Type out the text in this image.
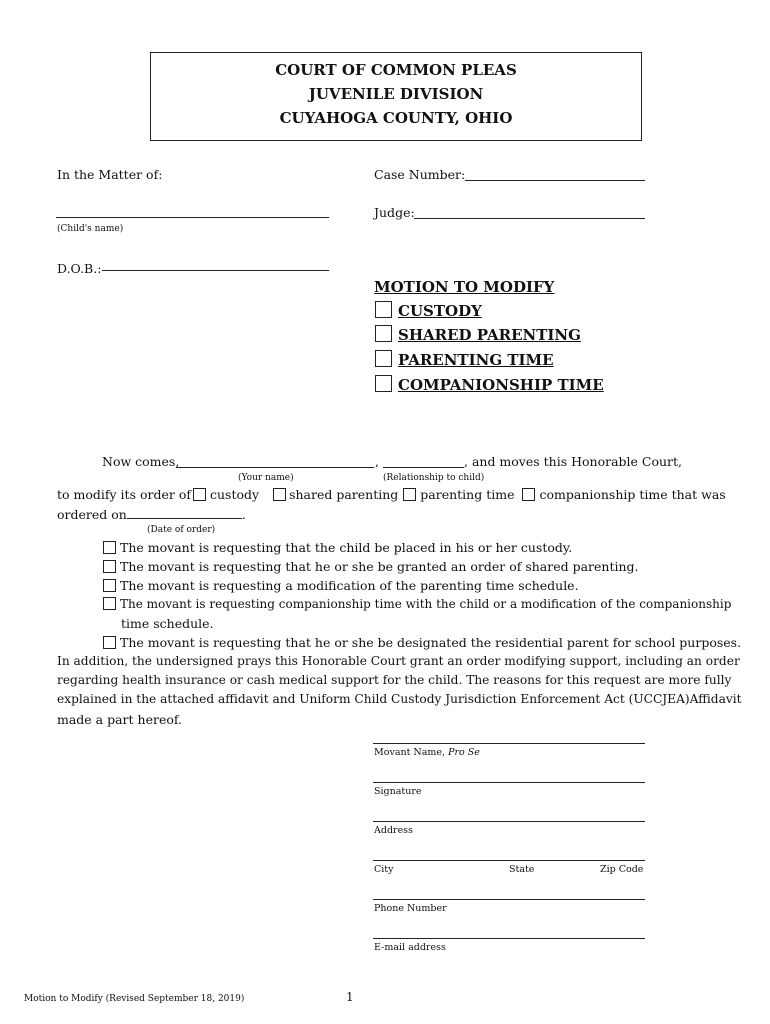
COURT OF COMMON PLEAS
JUVENILE DIVISION
CUYAHOGA COUNTY, OHIO
In the Matter of:
(Child's name)
D.O.B.:
Case Number:
Judge:
MOTION TO MODIFY
CUSTODY
SHARED PARENTING
PARENTING TIME
COMPANIONSHIP TIME
Now comes,	,	, and moves this Honorable Court,
(Your name)	(Relationship to child)
to modify its order of custody shared parenting parenting time companionship time that was
ordered on	.
(Date of order)
The movant is requesting that the child be placed in his or her custody.
The movant is requesting that he or she be granted an order of shared parenting.
The movant is requesting a modification of the parenting time schedule.
The movant is requesting companionship time with the child or a modification of the companionship
time schedule.
The movant is requesting that he or she be designated the residential parent for school purposes.
In addition, the undersigned prays this Honorable Court grant an order modifying support, including an order
regarding health insurance or cash medical support for the child. The reasons for this request are more fully
explained in the attached affidavit and Uniform Child Custody Jurisdiction Enforcement Act (UCCJEA)Affidavit
made a part hereof.
Movant Name, Pro Se
Signature
Address
City	State	Zip Code
Phone Number
E-mail address
Motion to Modify (Revised September 18, 2019)	1
